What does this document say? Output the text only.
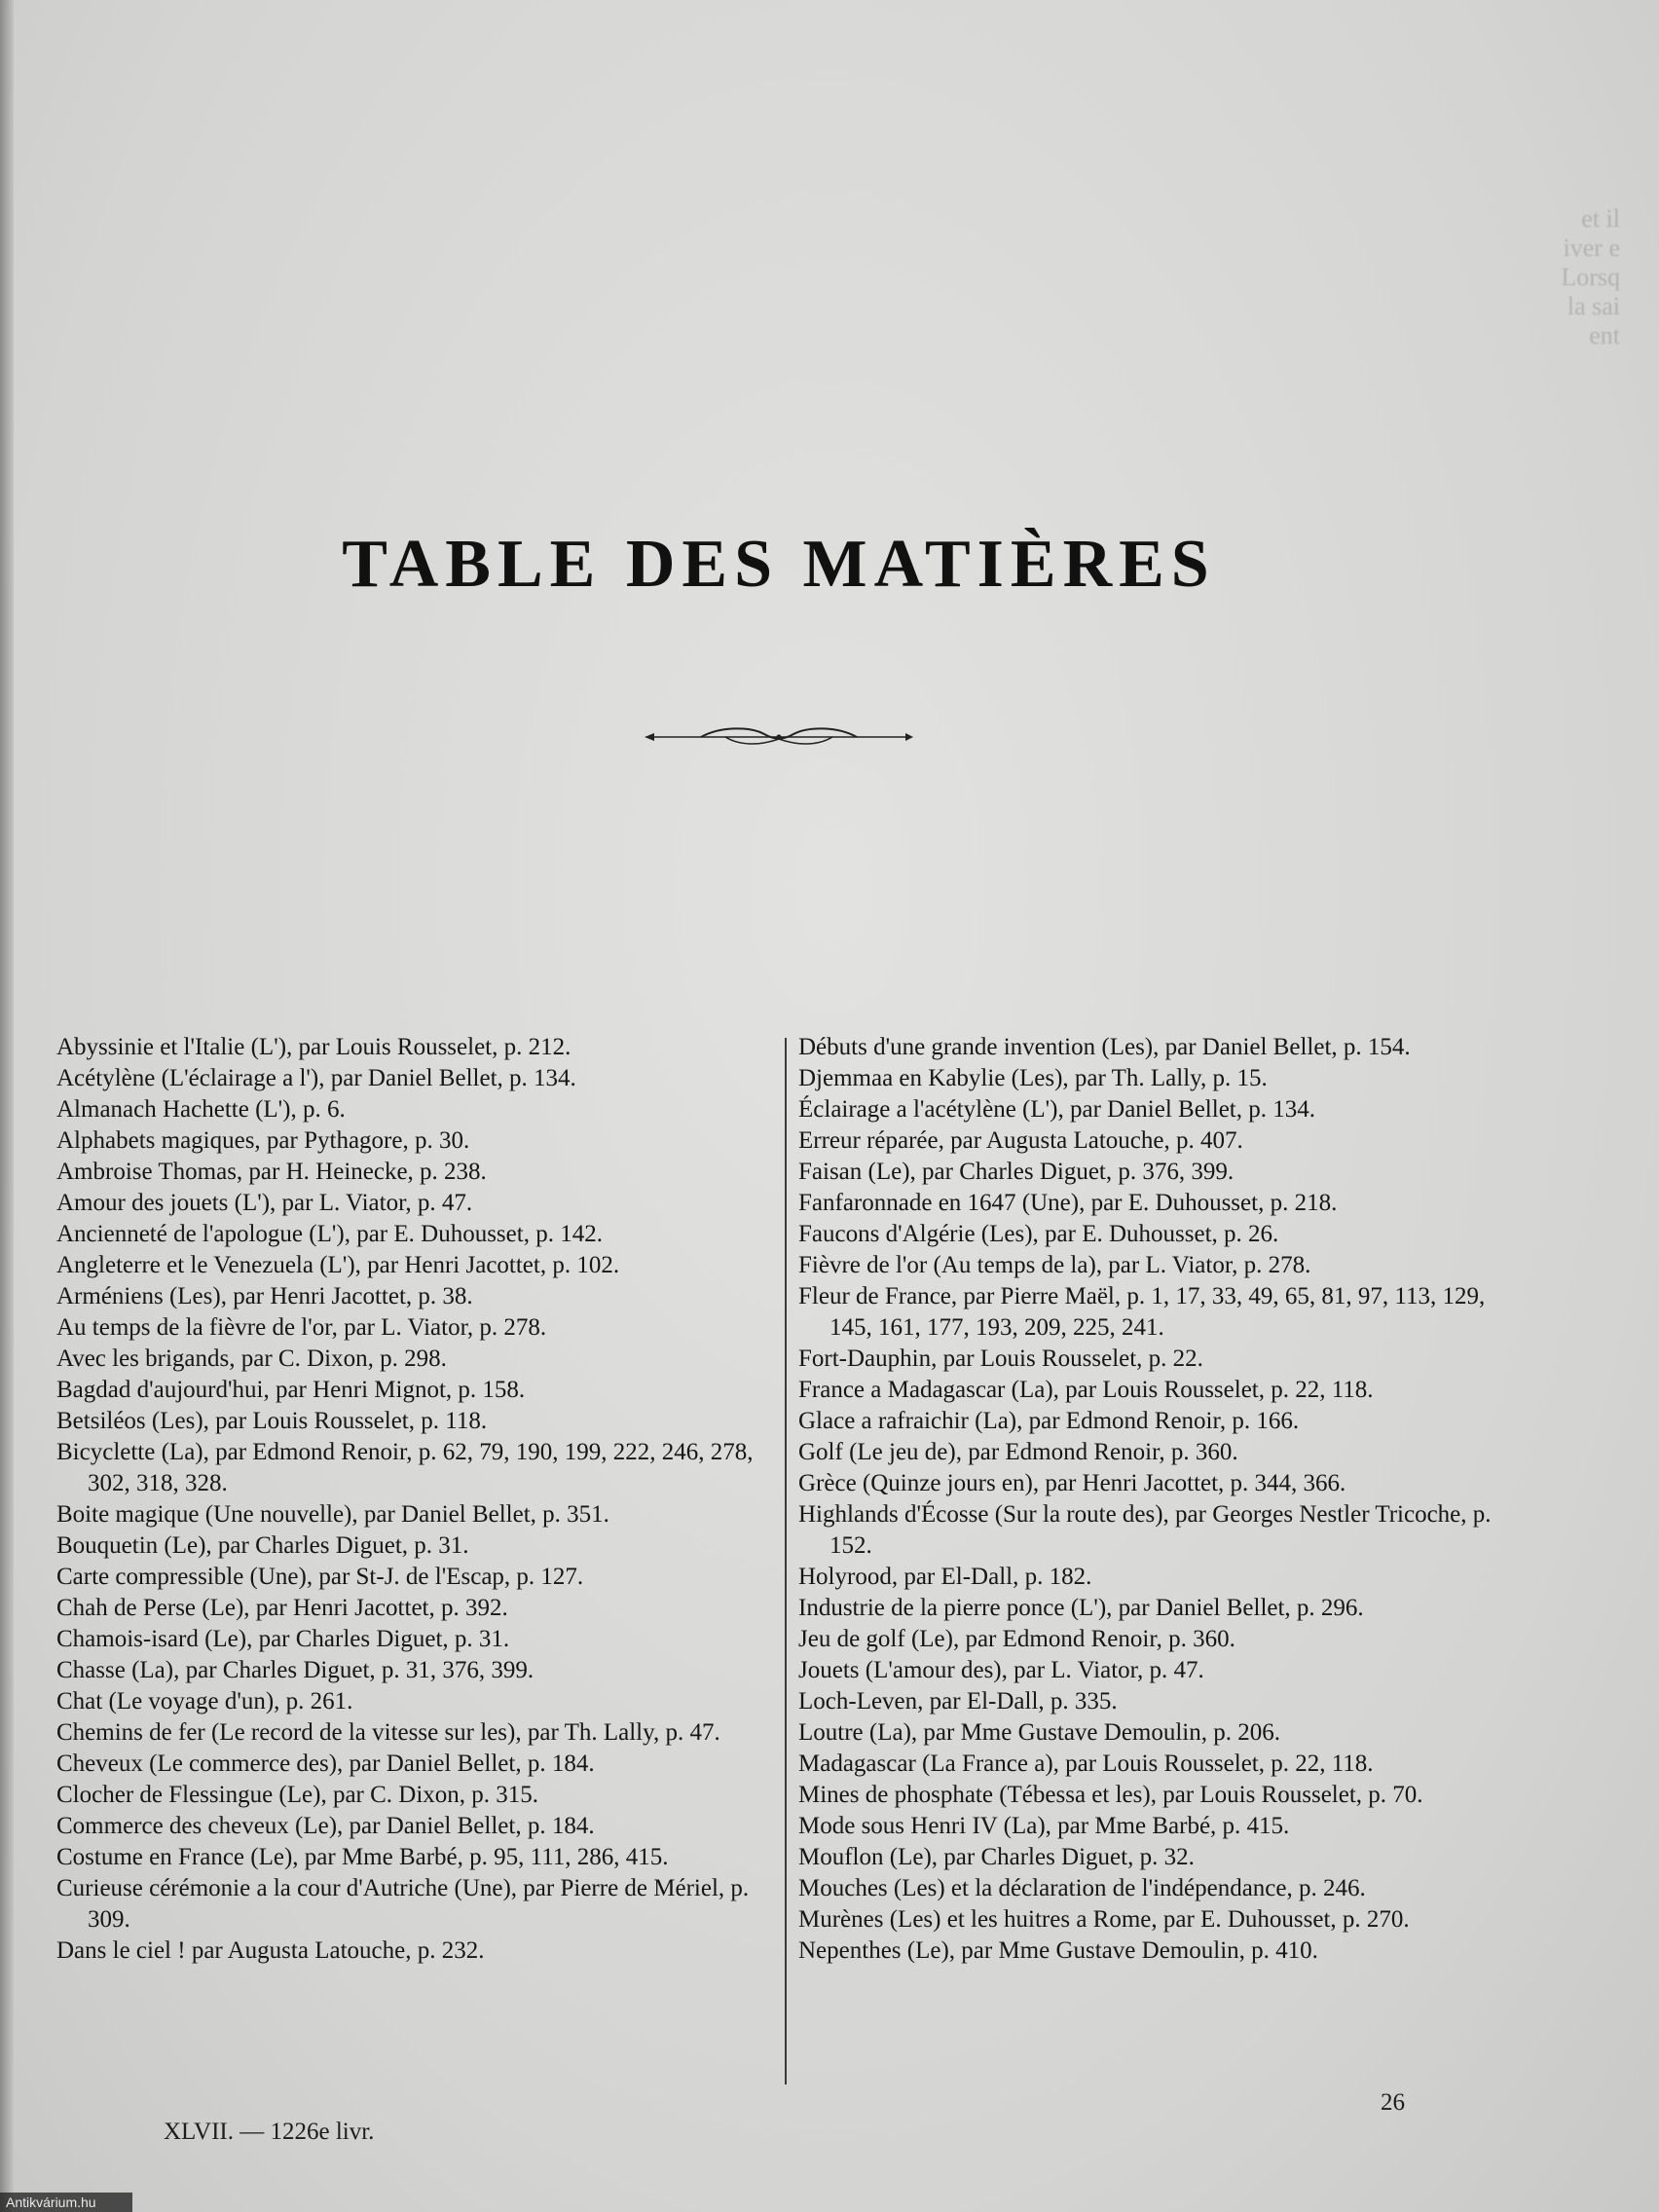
et il
iver e
Lorsq
la sai
ent
TABLE DES MATIÈRES

Abyssinie et l'Italie (L'), par Louis Rousselet, p. 212.

Acétylène (L'éclairage a l'), par Daniel Bellet, p. 134.

Almanach Hachette (L'), p. 6.

Alphabets magiques, par Pythagore, p. 30.

Ambroise Thomas, par H. Heinecke, p. 238.

Amour des jouets (L'), par L. Viator, p. 47.

Ancienneté de l'apologue (L'), par E. Duhousset, p. 142.

Angleterre et le Venezuela (L'), par Henri Jacottet, p. 102.

Arméniens (Les), par Henri Jacottet, p. 38.

Au temps de la fièvre de l'or, par L. Viator, p. 278.

Avec les brigands, par C. Dixon, p. 298.

Bagdad d'aujourd'hui, par Henri Mignot, p. 158.

Betsiléos (Les), par Louis Rousselet, p. 118.

Bicyclette (La), par Edmond Renoir, p. 62, 79, 190, 199, 222, 246, 278, 302, 318, 328.

Boite magique (Une nouvelle), par Daniel Bellet, p. 351.

Bouquetin (Le), par Charles Diguet, p. 31.

Carte compressible (Une), par St-J. de l'Escap, p. 127.

Chah de Perse (Le), par Henri Jacottet, p. 392.

Chamois-isard (Le), par Charles Diguet, p. 31.

Chasse (La), par Charles Diguet, p. 31, 376, 399.

Chat (Le voyage d'un), p. 261.

Chemins de fer (Le record de la vitesse sur les), par Th. Lally, p. 47.

Cheveux (Le commerce des), par Daniel Bellet, p. 184.

Clocher de Flessingue (Le), par C. Dixon, p. 315.

Commerce des cheveux (Le), par Daniel Bellet, p. 184.

Costume en France (Le), par Mme Barbé, p. 95, 111, 286, 415.

Curieuse cérémonie a la cour d'Autriche (Une), par Pierre de Mériel, p. 309.

Dans le ciel ! par Augusta Latouche, p. 232.

Débuts d'une grande invention (Les), par Daniel Bellet, p. 154.

Djemmaa en Kabylie (Les), par Th. Lally, p. 15.

Éclairage a l'acétylène (L'), par Daniel Bellet, p. 134.

Erreur réparée, par Augusta Latouche, p. 407.

Faisan (Le), par Charles Diguet, p. 376, 399.

Fanfaronnade en 1647 (Une), par E. Duhousset, p. 218.

Faucons d'Algérie (Les), par E. Duhousset, p. 26.

Fièvre de l'or (Au temps de la), par L. Viator, p. 278.

Fleur de France, par Pierre Maël, p. 1, 17, 33, 49, 65, 81, 97, 113, 129, 145, 161, 177, 193, 209, 225, 241.

Fort-Dauphin, par Louis Rousselet, p. 22.

France a Madagascar (La), par Louis Rousselet, p. 22, 118.

Glace a rafraichir (La), par Edmond Renoir, p. 166.

Golf (Le jeu de), par Edmond Renoir, p. 360.

Grèce (Quinze jours en), par Henri Jacottet, p. 344, 366.

Highlands d'Écosse (Sur la route des), par Georges Nestler Tricoche, p. 152.

Holyrood, par El-Dall, p. 182.

Industrie de la pierre ponce (L'), par Daniel Bellet, p. 296.

Jeu de golf (Le), par Edmond Renoir, p. 360.

Jouets (L'amour des), par L. Viator, p. 47.

Loch-Leven, par El-Dall, p. 335.

Loutre (La), par Mme Gustave Demoulin, p. 206.

Madagascar (La France a), par Louis Rousselet, p. 22, 118.

Mines de phosphate (Tébessa et les), par Louis Rousselet, p. 70.

Mode sous Henri IV (La), par Mme Barbé, p. 415.

Mouflon (Le), par Charles Diguet, p. 32.

Mouches (Les) et la déclaration de l'indépendance, p. 246.

Murènes (Les) et les huitres a Rome, par E. Duhousset, p. 270.

Nepenthes (Le), par Mme Gustave Demoulin, p. 410.

XLVII. — 1226e livr.
26
Antikvárium.hu
